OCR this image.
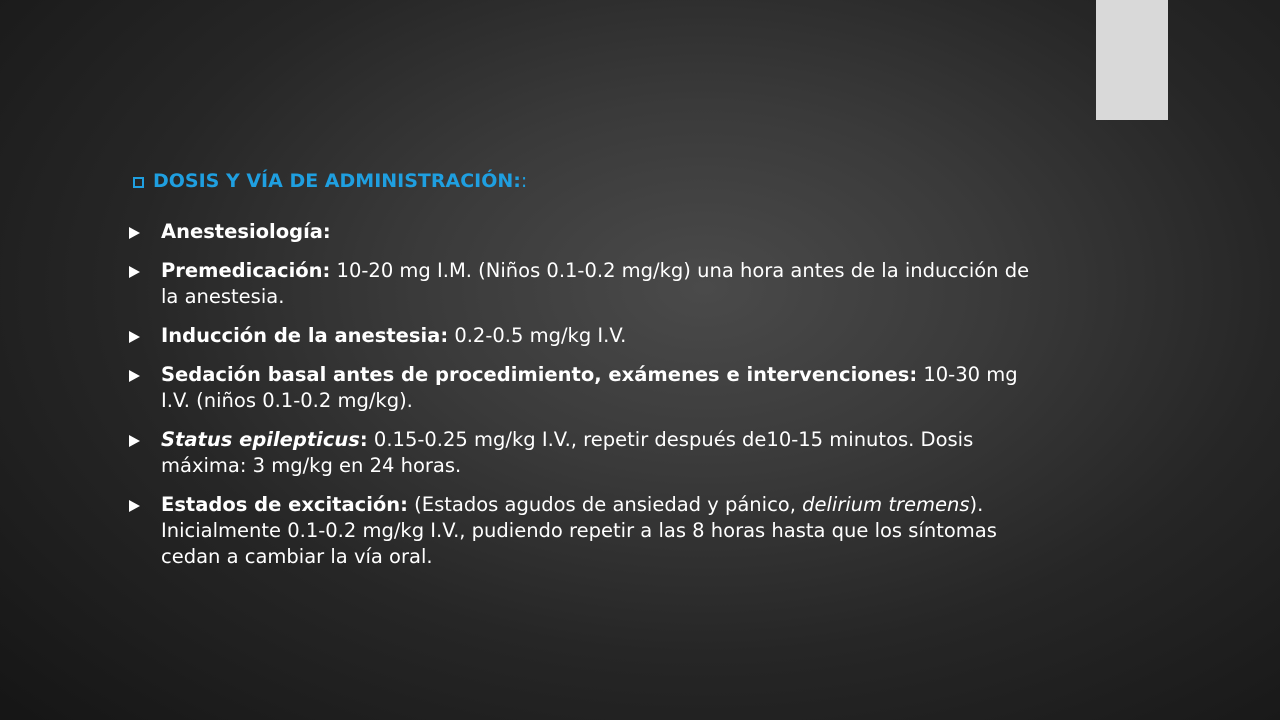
DOSIS Y VÍA DE ADMINISTRACIÓN: :
Anestesiología:
Premedicación: 10-20 mg I.M. (Niños 0.1-0.2 mg/kg) una hora antes de la inducción de la anestesia.
Inducción de la anestesia: 0.2-0.5 mg/kg I.V.
Sedación basal antes de procedimiento, exámenes e intervenciones: 10-30 mg I.V. (niños 0.1-0.2 mg/kg).
Status epilepticus: 0.15-0.25 mg/kg I.V., repetir después de10-15 minutos. Dosis máxima: 3 mg/kg en 24 horas.
Estados de excitación: (Estados agudos de ansiedad y pánico, delirium tremens). Inicialmente 0.1-0.2 mg/kg I.V., pudiendo repetir a las 8 horas hasta que los síntomas cedan a cambiar la vía oral.
